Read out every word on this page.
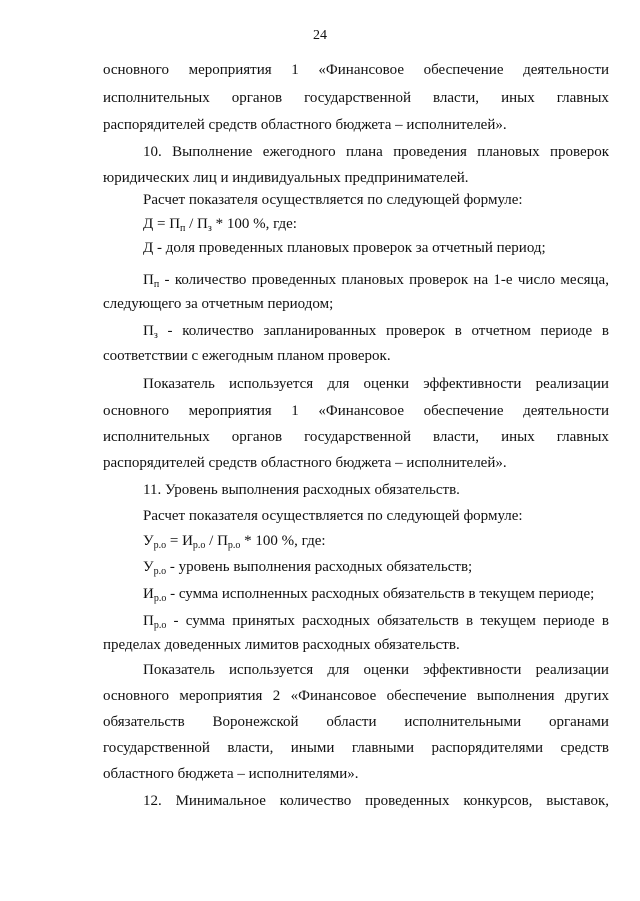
24
основного мероприятия 1 «Финансовое обеспечение деятельности
исполнительных органов государственной власти, иных главных
распорядителей средств областного бюджета – исполнителей».
10. Выполнение ежегодного плана проведения плановых проверок
юридических лиц и индивидуальных предпринимателей.
Расчет показателя осуществляется по следующей формуле:
$Д = П_п / П_з * 100$ %, где:
Д - доля проведенных плановых проверок за отчетный период;
$П_п$ - количество проведенных плановых проверок на 1-е число месяца,
следующего за отчетным периодом;
$П_з$ - количество запланированных проверок в отчетном периоде в
соответствии с ежегодным планом проверок.
Показатель используется для оценки эффективности реализации
основного мероприятия 1 «Финансовое обеспечение деятельности
исполнительных органов государственной власти, иных главных
распорядителей средств областного бюджета – исполнителей».
11. Уровень выполнения расходных обязательств.
Расчет показателя осуществляется по следующей формуле:
$У_{р.о} = И_{р.о} / П_{р.о} * 100$ %, где:
$У_{р.о}$ - уровень выполнения расходных обязательств;
$И_{р.о}$ - сумма исполненных расходных обязательств в текущем периоде;
$П_{р.о}$ - сумма принятых расходных обязательств в текущем периоде в
пределах доведенных лимитов расходных обязательств.
Показатель используется для оценки эффективности реализации
основного мероприятия 2 «Финансовое обеспечение выполнения других
обязательств Воронежской области исполнительными органами
государственной власти, иными главными распорядителями средств
областного бюджета – исполнителями».
12. Минимальное количество проведенных конкурсов, выставок,
